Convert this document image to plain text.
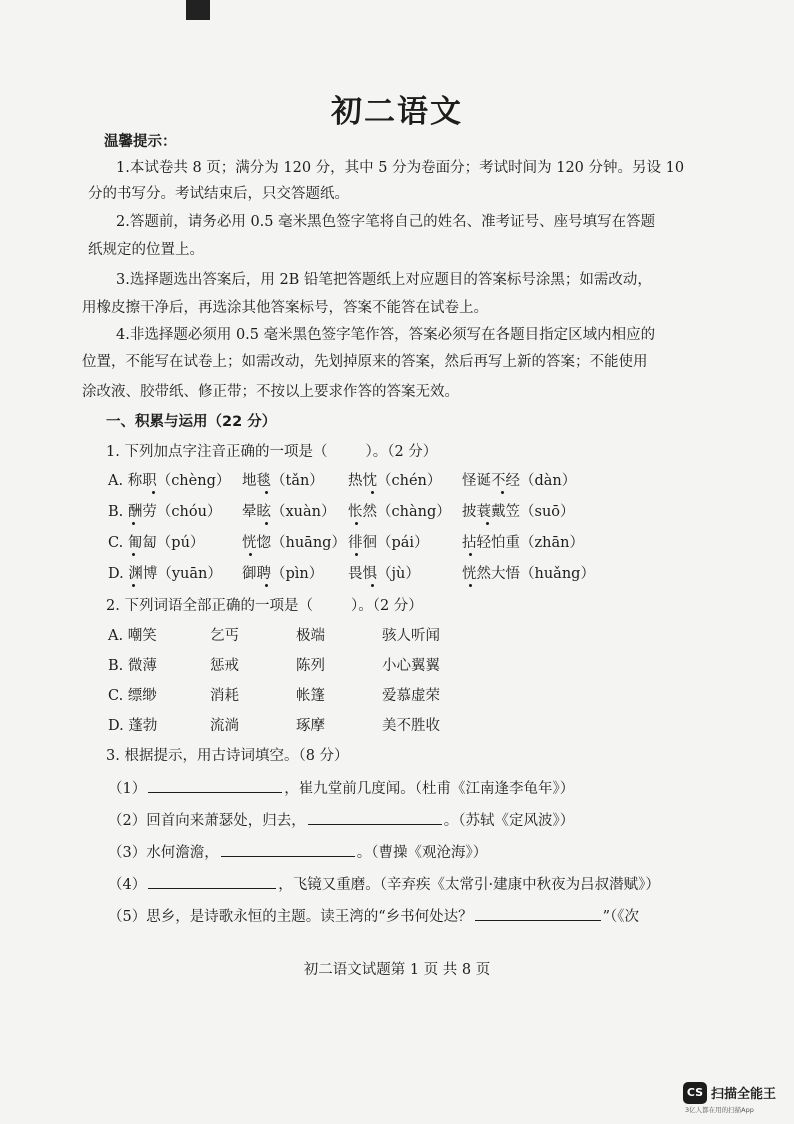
初二语文
温馨提示：
1.本试卷共 8 页；满分为 120 分，其中 5 分为卷面分；考试时间为 120 分钟。另设 10
分的书写分。考试结束后，只交答题纸。
2.答题前，请务必用 0.5 毫米黑色签字笔将自己的姓名、准考证号、座号填写在答题
纸规定的位置上。
3.选择题选出答案后，用 2B 铅笔把答题纸上对应题目的答案标号涂黑；如需改动，
用橡皮擦干净后，再选涂其他答案标号，答案不能答在试卷上。
4.非选择题必须用 0.5 毫米黑色签字笔作答，答案必须写在各题目指定区域内相应的
位置，不能写在试卷上；如需改动，先划掉原来的答案，然后再写上新的答案；不能使用
涂改液、胶带纸、修正带；不按以上要求作答的答案无效。
一、积累与运用（22 分）
1. 下列加点字注音正确的一项是（	）。（2 分）
A. 称职（chèng） 地毯（tǎn） 热忱（chén） 怪诞不经（dàn）
B. 酬劳（chóu） 晕眩（xuàn） 怅然（chàng） 披蓑戴笠（suō）
C. 匍匐（pú）	恍惚（huāng） 徘徊（pái） 拈轻怕重（zhān）
D. 渊博（yuān） 御聘（pìn） 畏惧（jù）	恍然大悟（huǎng）
2. 下列词语全部正确的一项是（	）。（2 分）
A. 嘲笑	乞丐	极端	骇人听闻
B. 微薄	惩戒	陈列	小心翼翼
C. 缥缈	消耗	帐篷	爱慕虚荣
D. 蓬勃	流淌	琢摩	美不胜收
3. 根据提示，用古诗词填空。（8 分）
（1）	，崔九堂前几度闻。（杜甫《江南逢李龟年》）
（2）回首向来萧瑟处，归去，	。（苏轼《定风波》）
（3）水何澹澹，	。（曹操《观沧海》）
（4）	，飞镜又重磨。（辛弃疾《太常引·建康中秋夜为吕叔潜赋》）
（5）思乡，是诗歌永恒的主题。读王湾的“乡书何处达？	”（《次
初二语文试题第 1 页 共 8 页
CS 扫描全能王
3亿人都在用的扫描App
